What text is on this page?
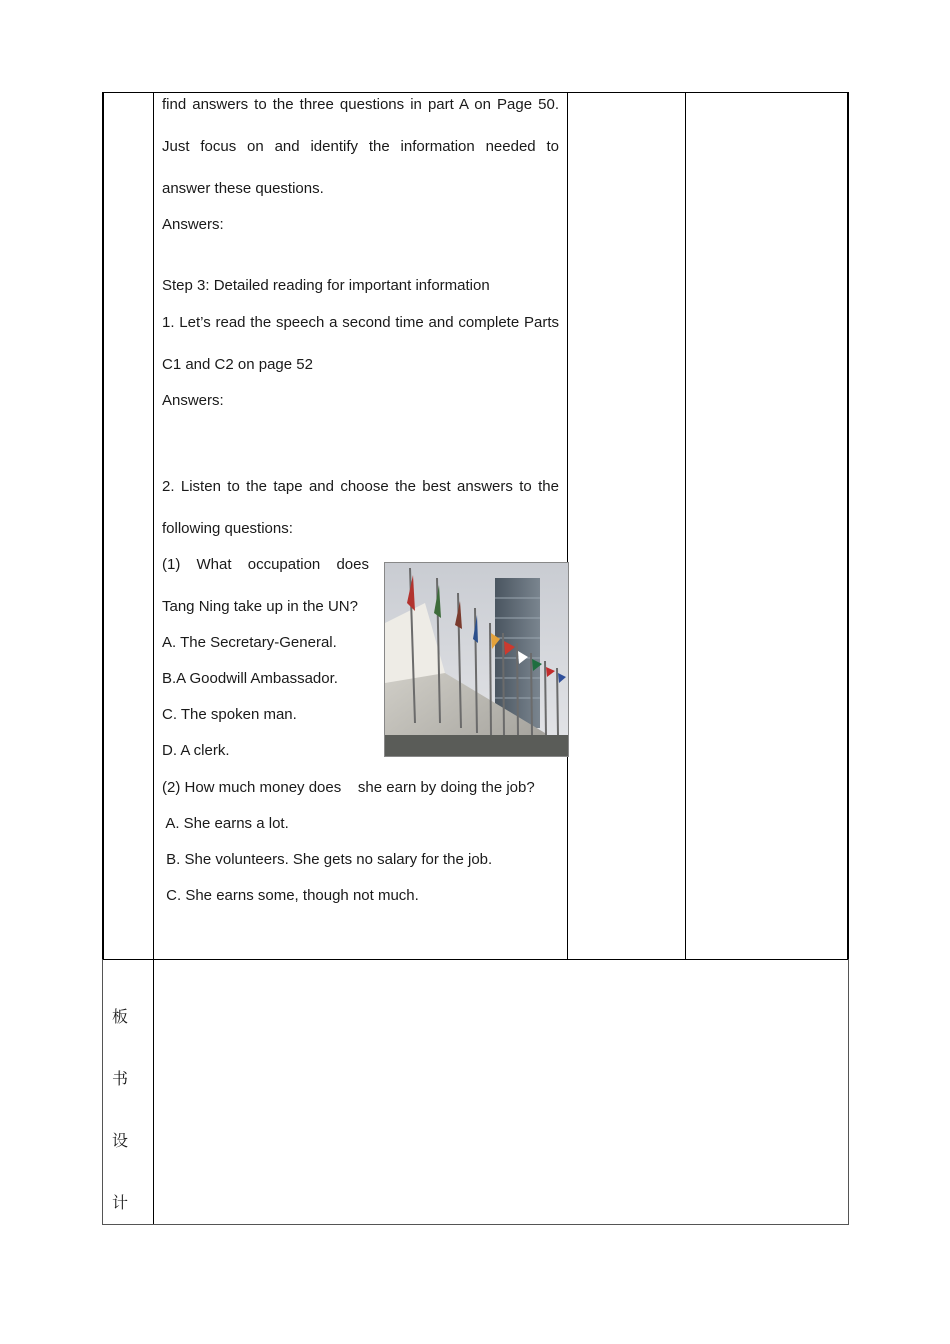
find answers to the three questions in part A on Page 50.
Just focus on and identify the information needed to
answer these questions.
Answers:
Step 3: Detailed reading for important information
1. Let’s read the speech a second time and complete Parts
C1 and C2 on page 52
Answers:
2. Listen to the tape and choose the best answers to the
following questions:
(1)  What  occupation  does
Tang Ning take up in the UN?
A. The Secretary-General.
B.A Goodwill Ambassador.
C. The spoken man.
D. A clerk.
(2) How much money does    she earn by doing the job?
A. She earns a lot.
B. She volunteers. She gets no salary for the job.
C. She earns some, though not much.
板
书
设
计
